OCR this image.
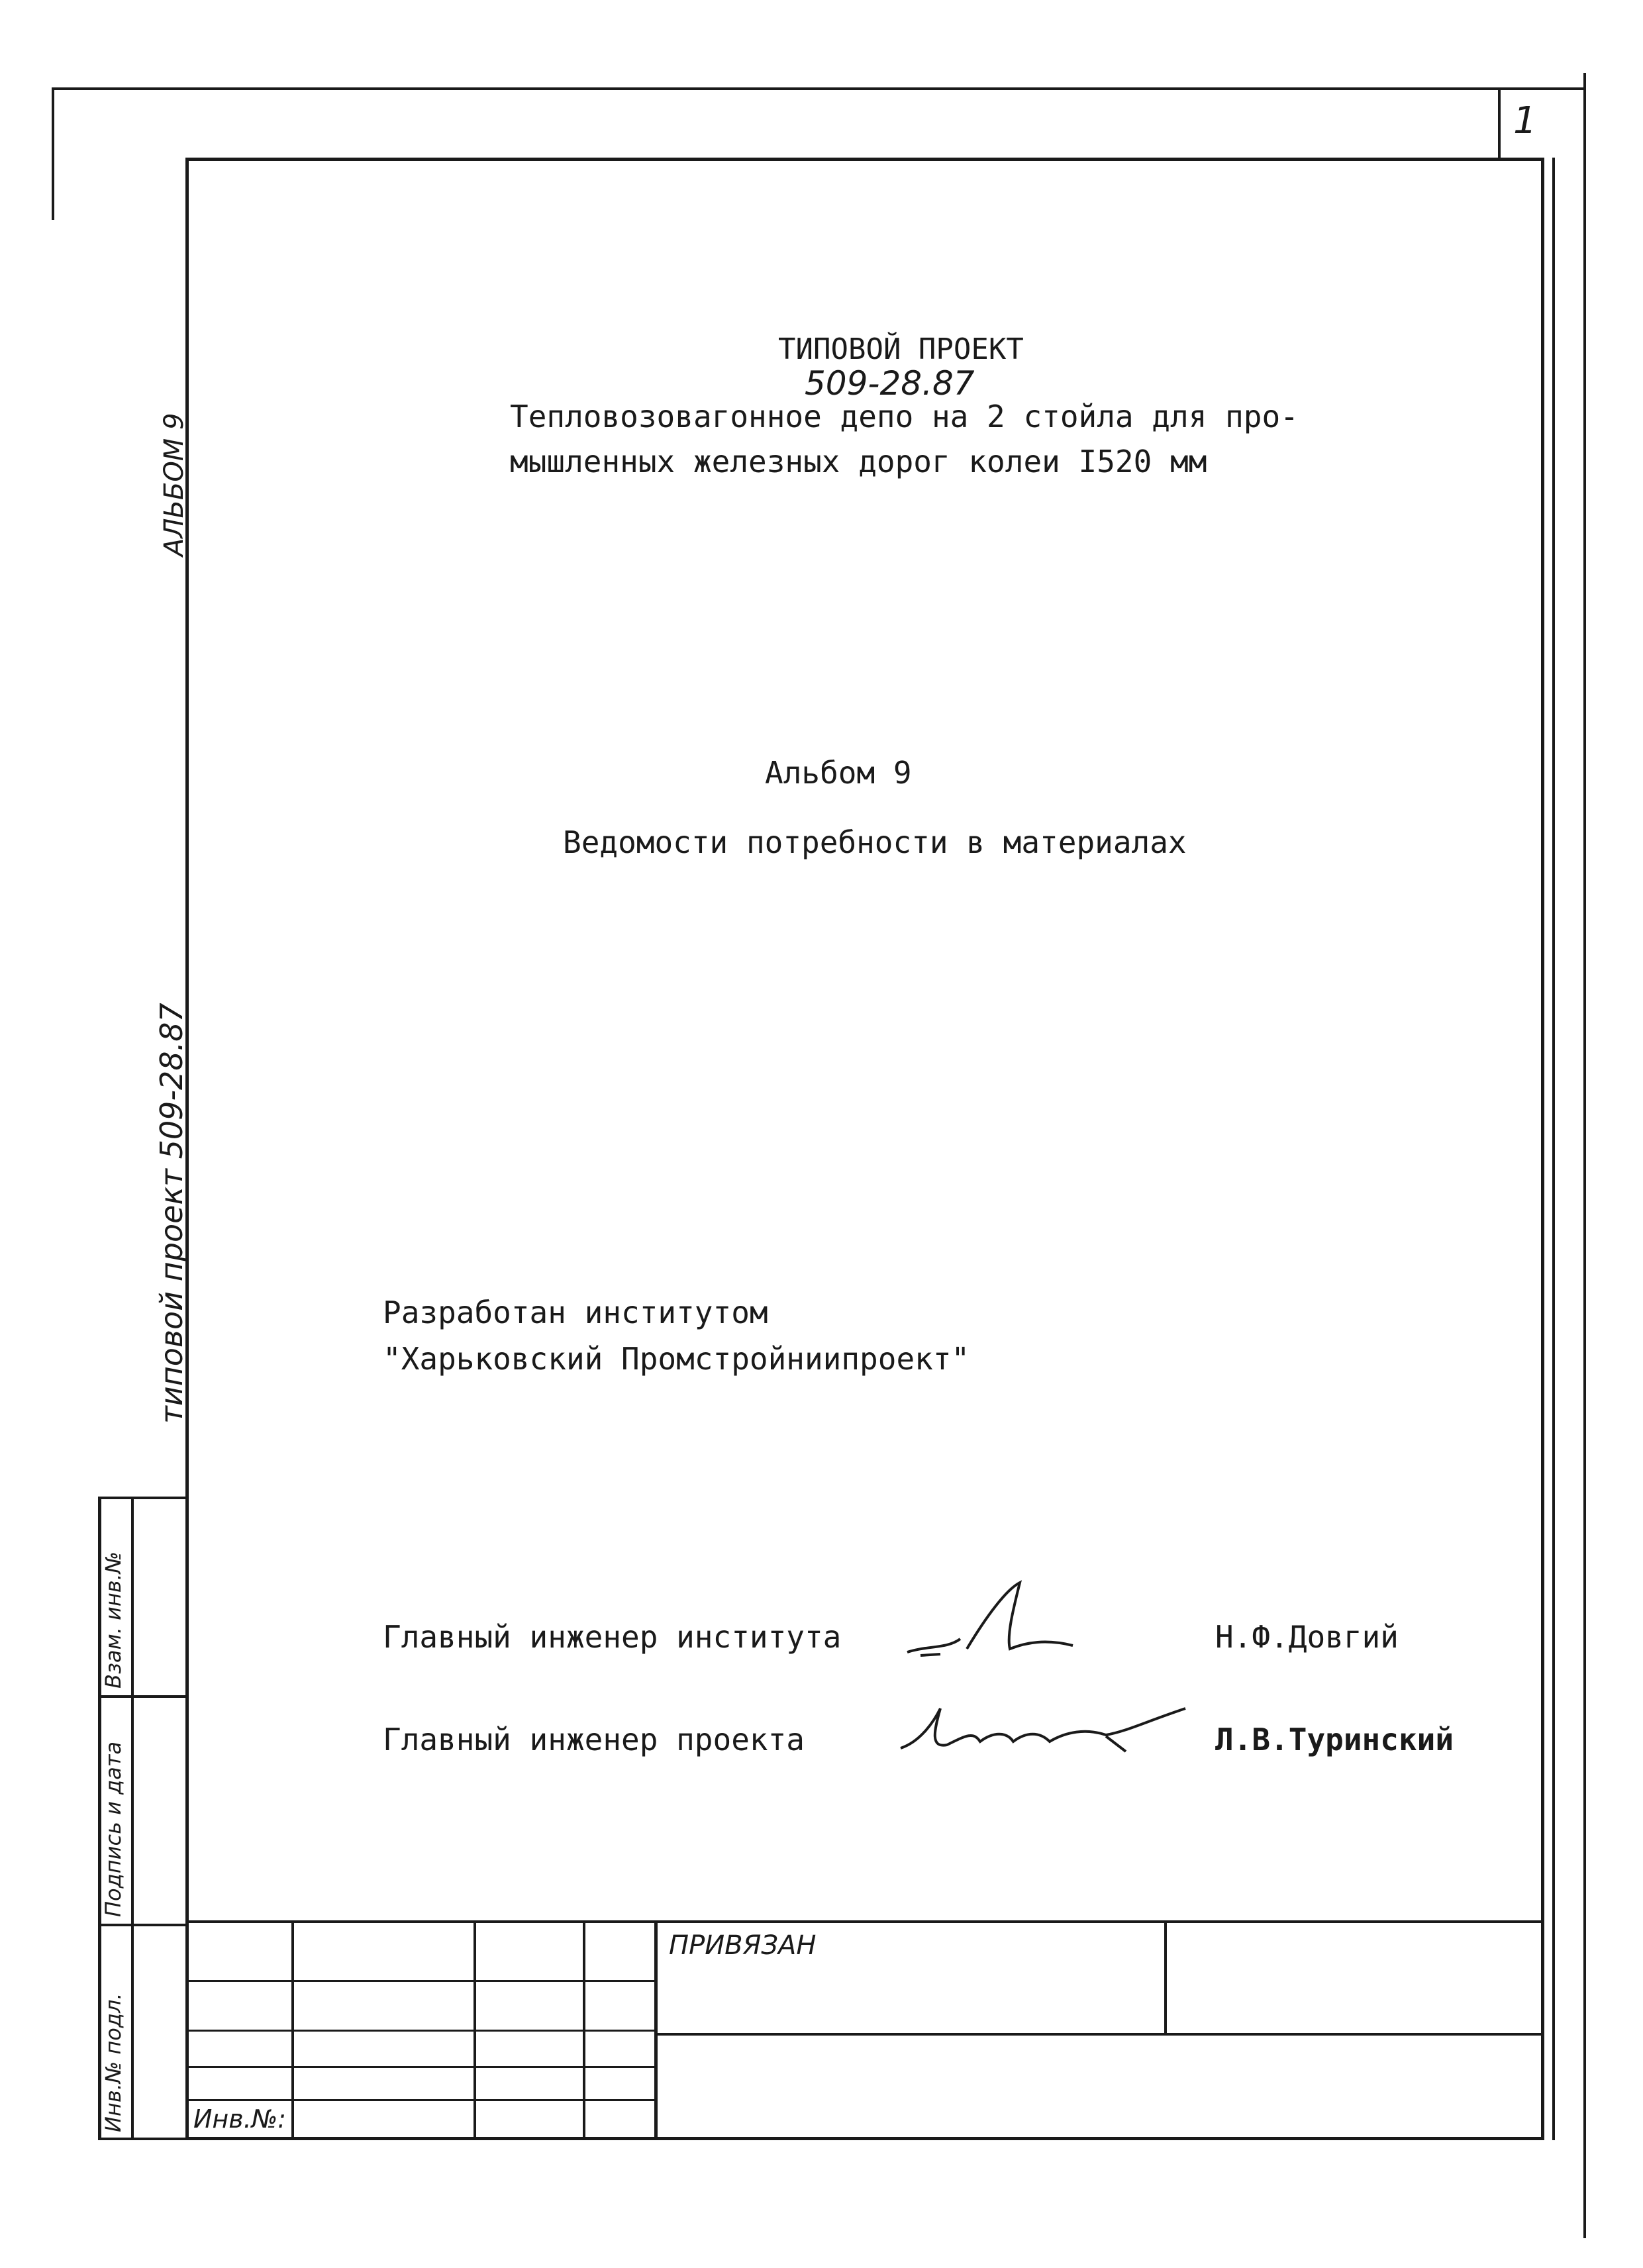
1
ТИПОВОЙ ПРОЕКТ
509-28.87
Тепловозовагонное депо на 2 стойла для про-
мышленных железных дорог колеи I520 мм
Альбом 9
Ведомости потребности в материалах
Разработан институтом
"Харьковский Промстройниипроект"
Главный инженер института	Н.Ф.Довгий
Главный инженер проекта	Л.В.Туринский
АЛЬБОМ 9
типовой проект 509-28.87
Инв.№ подл.
Подпись и дата
Взам. инв.№
ПРИВЯЗАН
Инв.№:
